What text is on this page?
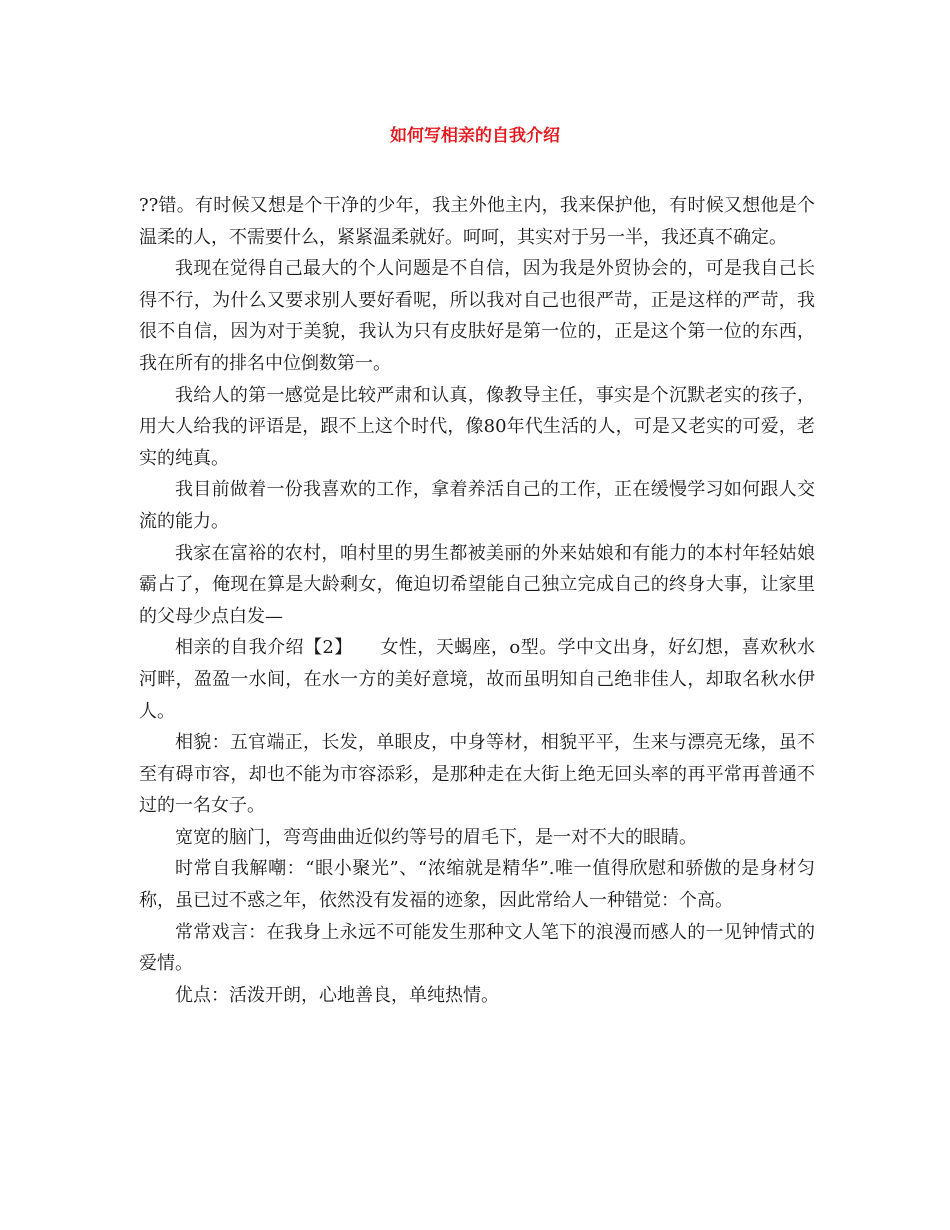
如何写相亲的自我介绍

??错。有时候又想是个干净的少年，我主外他主内，我来保护他，有时候又想他是个温柔的人，不需要什么，紧紧温柔就好。呵呵，其实对于另一半，我还真不确定。

我现在觉得自己最大的个人问题是不自信，因为我是外贸协会的，可是我自己长得不行，为什么又要求别人要好看呢，所以我对自己也很严苛，正是这样的严苛，我很不自信，因为对于美貌，我认为只有皮肤好是第一位的，正是这个第一位的东西，我在所有的排名中位倒数第一。

我给人的第一感觉是比较严肃和认真，像教导主任，事实是个沉默老实的孩子，用大人给我的评语是，跟不上这个时代，像80年代生活的人，可是又老实的可爱，老实的纯真。

我目前做着一份我喜欢的工作，拿着养活自己的工作，正在缓慢学习如何跟人交流的能力。

我家在富裕的农村，咱村里的男生都被美丽的外来姑娘和有能力的本村年轻姑娘霸占了，俺现在算是大龄剩女，俺迫切希望能自己独立完成自己的终身大事，让家里的父母少点白发—

相亲的自我介绍【2】　　女性，天蝎座，o型。学中文出身，好幻想，喜欢秋水河畔，盈盈一水间，在水一方的美好意境，故而虽明知自己绝非佳人，却取名秋水伊人。

相貌：五官端正，长发，单眼皮，中身等材，相貌平平，生来与漂亮无缘，虽不至有碍市容，却也不能为市容添彩，是那种走在大街上绝无回头率的再平常再普通不过的一名女子。

宽宽的脑门，弯弯曲曲近似约等号的眉毛下，是一对不大的眼睛。

时常自我解嘲：“眼小聚光”、“浓缩就是精华”.唯一值得欣慰和骄傲的是身材匀称，虽已过不惑之年，依然没有发福的迹象，因此常给人一种错觉：个高。

常常戏言：在我身上永远不可能发生那种文人笔下的浪漫而感人的一见钟情式的爱情。

优点：活泼开朗，心地善良，单纯热情。
